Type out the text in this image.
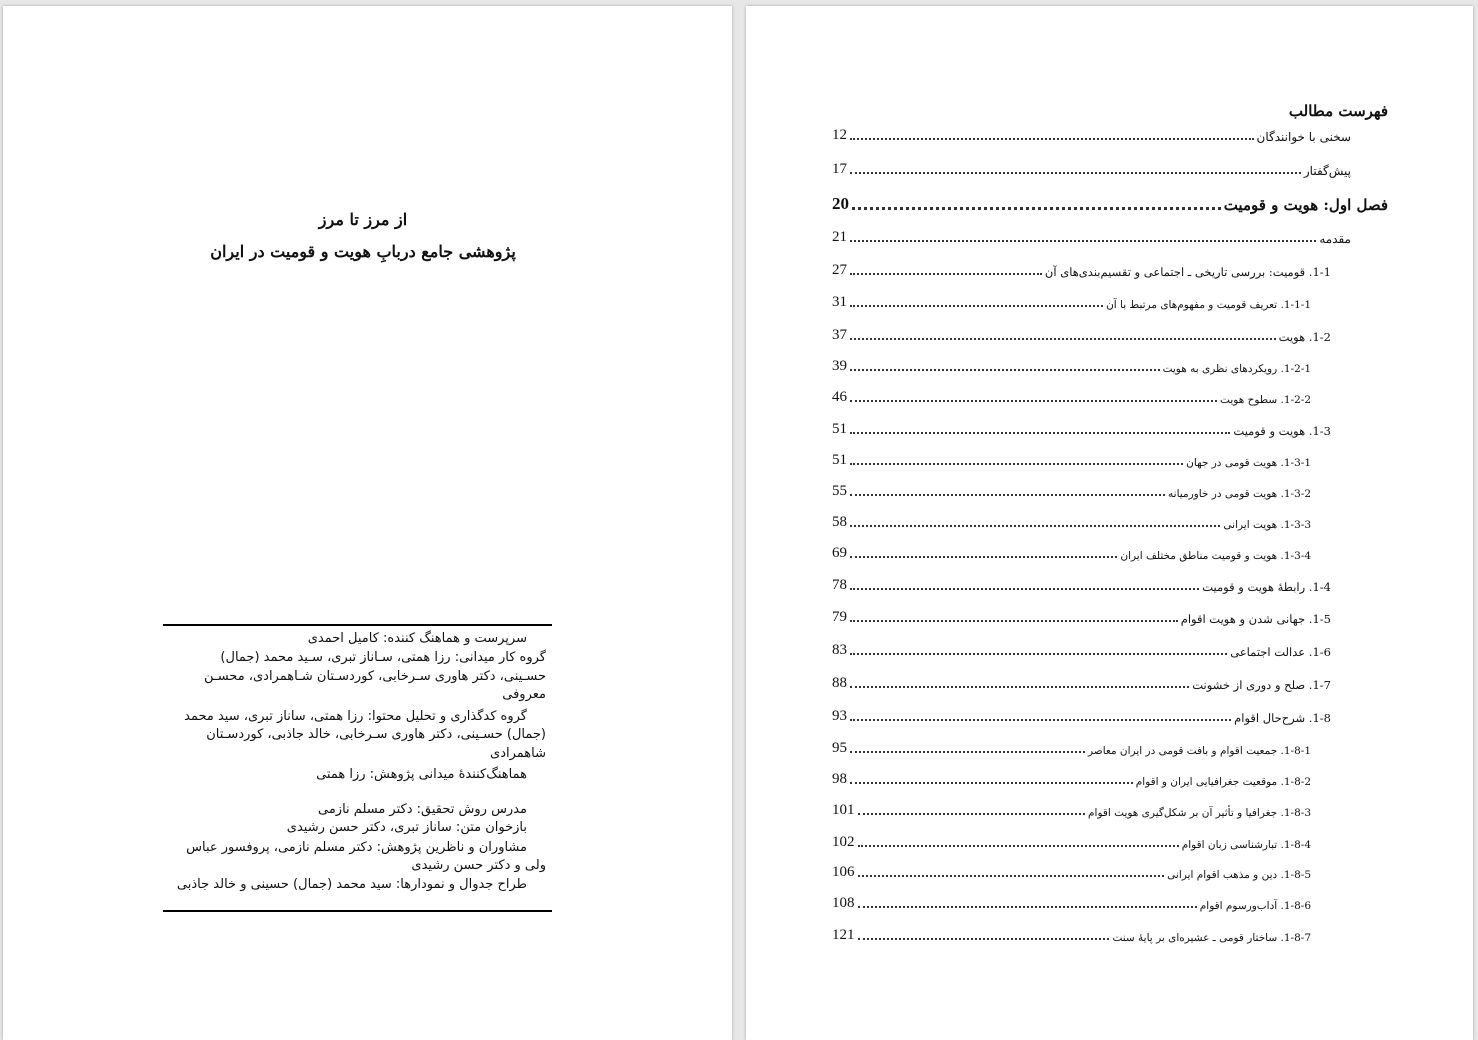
از مرز تا مرز
پژوهشی جامع دربابِ هویت و قومیت در ایران
سرپرست و هماهنگ کننده: کامیل احمدی
گروه کار میدانی: رزا همتی، سـاناز تبری، سـید محمد (جمال)
حسـینی، دکتر هاوری سـرخابی، کوردسـتان شـاهمرادی، محسـن
معروفی
گروه کدگذاری و تحلیل محتوا: رزا همتی، ساناز تبری، سید محمد
(جمال) حسـینی، دکتر هاوری سـرخابی، خالد جاذبی، کوردسـتان
شاهمرادی
هماهنگ‌کنندۀ میدانی پژوهش: رزا همتی
مدرس روش تحقیق: دکتر مسلم نازمی
بازخوان متن: ساناز تبری، دکتر حسن رشیدی
مشاوران و ناظرین پژوهش: دکتر مسلم نازمی، پروفسور عباس
ولی و دکتر حسن رشیدی
طراح جدوال و نمودارها: سید محمد (جمال) حسینی و خالد جاذبی
فهرست مطالب
سخنی با خوانندگان
12
پیش‌گفتار
17
فصل اول: هویت و قومیت
20
مقدمه
21
1-1. قومیت: بررسی تاریخی ـ اجتماعی و تقسیم‌بندی‌های آن
27
1-1-1. تعریف قومیت و مفهوم‌های مرتبط با آن
31
1-2. هویت
37
1-2-1. رویکردهای نظری به هویت
39
1-2-2. سطوح هویت
46
1-3. هویت و قومیت
51
1-3-1. هویت قومی در جهان
51
1-3-2. هویت قومی در خاورمیانه
55
1-3-3. هویت ایرانی
58
1-3-4. هویت و قومیت مناطق مختلف ایران
69
1-4. رابطۀ هویت و قومیت
78
1-5. جهانی شدن و هویت اقوام
79
1-6. عدالت اجتماعی
83
1-7. صلح و دوری از خشونت
88
1-8. شرح‌حال اقوام
93
1-8-1. جمعیت اقوام و بافت قومی در ایران معاصر
95
1-8-2. موقعیت جغرافیایی ایران و اقوام
98
1-8-3. جغرافیا و تأثیر آن بر شکل‌گیری هویت اقوام
101
1-8-4. تبارشناسی زبان اقوام
102
1-8-5. دین و مذهب اقوام ایرانی
106
1-8-6. آداب‌ورسوم اقوام
108
1-8-7. ساختار قومی ـ عشیره‌ای بر پایۀ سنت
121
